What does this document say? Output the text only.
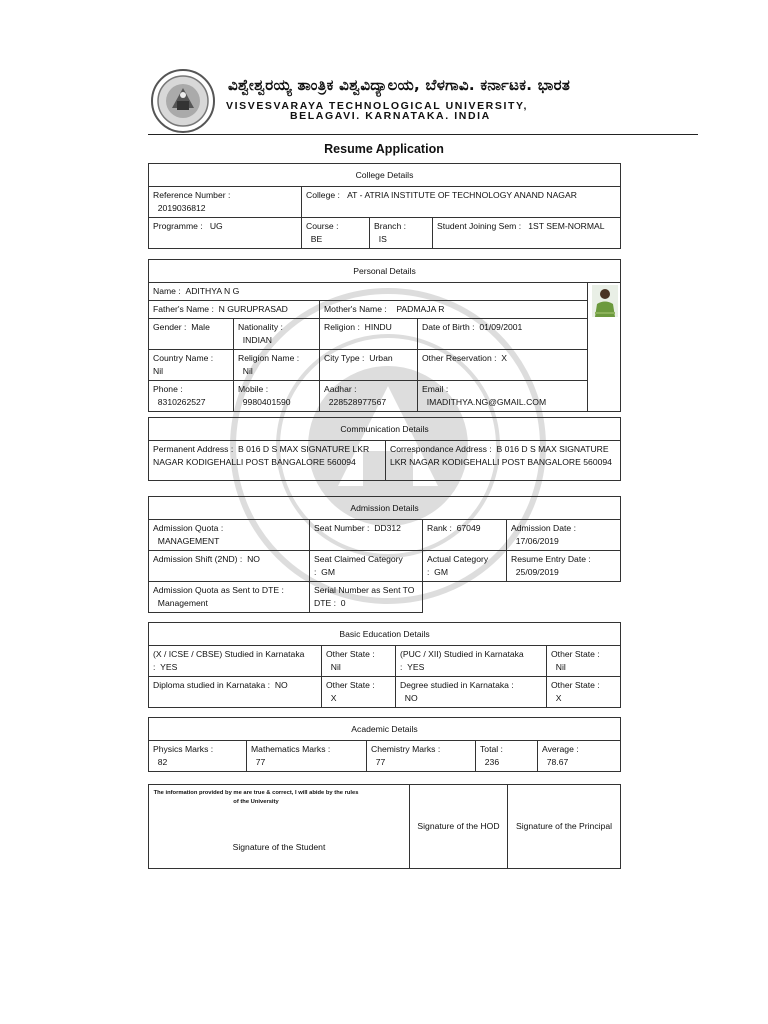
ವಿಶ್ವೇಶ್ವರಯ್ಯ ತಾಂತ್ರಿಕ ವಿಶ್ವವಿದ್ಯಾಲಯ, ಬೆಳಗಾವಿ. ಕರ್ನಾಟಕ. ಭಾರತ
VISVESVARAYA TECHNOLOGICAL UNIVERSITY,
BELAGAVI. KARNATAKA. INDIA
Resume Application
College Details			
Reference Number :
2019036812	College : AT - ATRIA INSTITUTE OF TECHNOLOGY ANAND NAGAR		
Programme : UG	Course :
BE	Branch :
IS	Student Joining Sem : 1ST SEM-NORMAL
Personal Details				
Name : ADITHYA N G	

Father's Name : N GURUPRASAD		Mother's Name : PADMAJA R		
Gender : Male	Nationality :
INDIAN	Religion : HINDU	Date of Birth : 01/09/2001	
Country Name :
Nil	Religion Name :
Nil	City Type : Urban	Other Reservation : X	
Phone :
8310262527	Mobile :
9980401590	Aadhar :
228528977567	Email :
IMADITHYA.NG@GMAIL.COM	
Communication Details
Permanent Address : B 016 D S MAX SIGNATURE LKR NAGAR KODIGEHALLI POST BANGALORE 560094	Correspondance Address : B 016 D S MAX SIGNATURE LKR NAGAR KODIGEHALLI POST BANGALORE 560094
Admission Details			
Admission Quota :
MANAGEMENT	Seat Number : DD312	Rank : 67049	Admission Date :
17/06/2019
Admission Shift (2ND) : NO	Seat Claimed Category : GM	Actual Category : GM	Resume Entry Date :
25/09/2019
Admission Quota as Sent to DTE :
Management	Serial Number as Sent TO DTE : 0		
Basic Education Details			
(X / ICSE / CBSE) Studied in Karnataka : YES	Other State :
Nil	(PUC / XII) Studied in Karnataka : YES	Other State :
Nil
Diploma studied in Karnataka : NO	Other State :
X	Degree studied in Karnataka :
NO	Other State :
X
Academic Details
Physics Marks :
82	Mathematics Marks :
77	Chemistry Marks :
77	Total :
236	Average :
78.67
The information provided by me are true & correct, I will abide by the rules of the University
Signature of the Student	Signature of the HOD	Signature of the Principal
